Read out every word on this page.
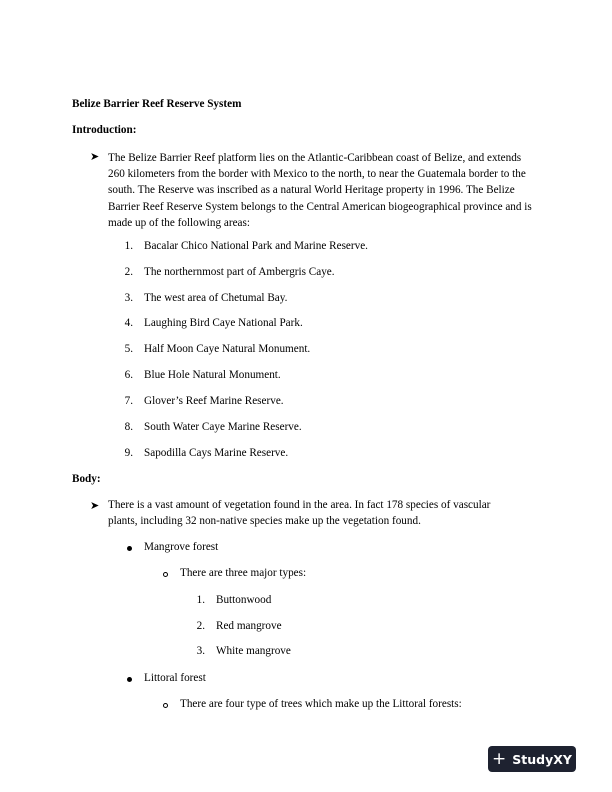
Belize Barrier Reef Reserve System
Introduction:
➤ The Belize Barrier Reef platform lies on the Atlantic-Caribbean coast of Belize, and extends 260 kilometers from the border with Mexico to the north, to near the Guatemala border to the south. The Reserve was inscribed as a natural World Heritage property in 1996. The Belize Barrier Reef Reserve System belongs to the Central American biogeographical province and is made up of the following areas:
1. Bacalar Chico National Park and Marine Reserve.
2. The northernmost part of Ambergris Caye.
3. The west area of Chetumal Bay.
4. Laughing Bird Caye National Park.
5. Half Moon Caye Natural Monument.
6. Blue Hole Natural Monument.
7. Glover’s Reef Marine Reserve.
8. South Water Caye Marine Reserve.
9. Sapodilla Cays Marine Reserve.
Body:
➤ There is a vast amount of vegetation found in the area. In fact 178 species of vascular
plants, including 32 non-native species make up the vegetation found.
Mangrove forest
There are three major types:
1. Buttonwood
2. Red mangrove
3. White mangrove
Littoral forest
There are four type of trees which make up the Littoral forests:
+ StudyXY
